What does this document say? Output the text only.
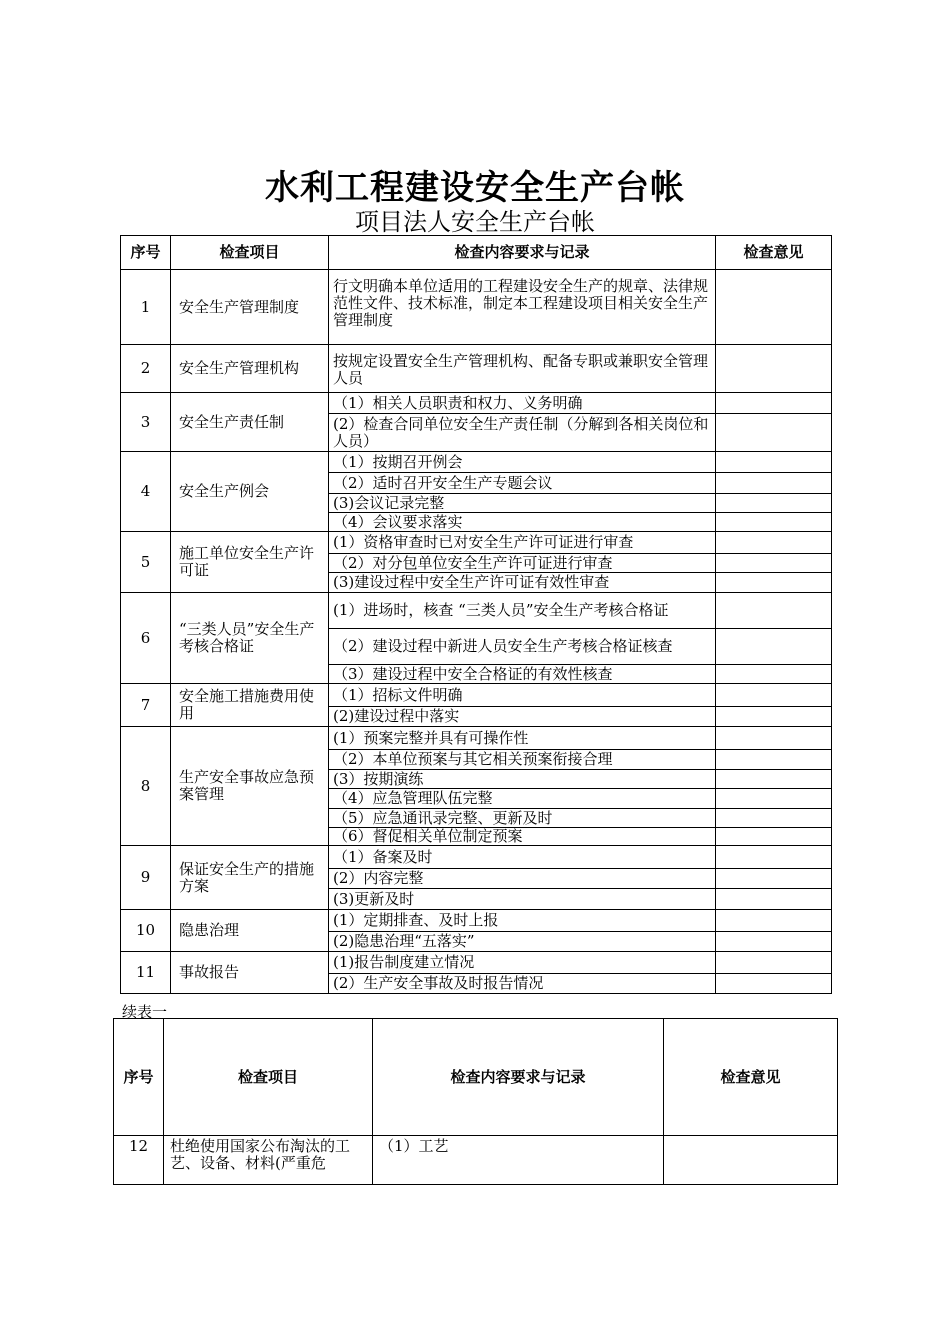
水利工程建设安全生产台帐
项目法人安全生产台帐
序号	检查项目	检查内容要求与记录	检查意见
1	安全生产管理制度	行文明确本单位适用的工程建设安全生产的规章、法律规范性文件、技术标准，制定本工程建设项目相关安全生产管理制度	
2	安全生产管理机构	按规定设置安全生产管理机构、配备专职或兼职安全管理人员	
3	安全生产责任制	（1）相关人员职责和权力、义务明确	
		(2）检查合同单位安全生产责任制（分解到各相关岗位和人员）	
4	安全生产例会	（1）按期召开例会	
		（2）适时召开安全生产专题会议	
		(3)会议记录完整	
		（4）会议要求落实	
5	施工单位安全生产许可证	(1）资格审查时已对安全生产许可证进行审查	
		（2）对分包单位安全生产许可证进行审查	
		(3)建设过程中安全生产许可证有效性审查	
6	“三类人员”安全生产考核合格证	(1）进场时，核查 “三类人员”安全生产考核合格证	
		（2）建设过程中新进人员安全生产考核合格证核查	
		（3）建设过程中安全合格证的有效性核查	
7	安全施工措施费用使用	（1）招标文件明确	
		(2)建设过程中落实	
8	生产安全事故应急预案管理	(1）预案完整并具有可操作性	
		（2）本单位预案与其它相关预案衔接合理	
		(3）按期演练	
		（4）应急管理队伍完整	
		（5）应急通讯录完整、更新及时	
		（6）督促相关单位制定预案	
9	保证安全生产的措施方案	（1）备案及时	
		(2）内容完整	
		(3)更新及时	
10	隐患治理	(1）定期排查、及时上报	
		(2)隐患治理“五落实”	
11	事故报告	(1)报告制度建立情况	
		(2）生产安全事故及时报告情况	
续表一
序号	检查项目	检查内容要求与记录	检查意见
12	杜绝使用国家公布淘汰的工艺、设备、材料(严重危	（1）工艺	
